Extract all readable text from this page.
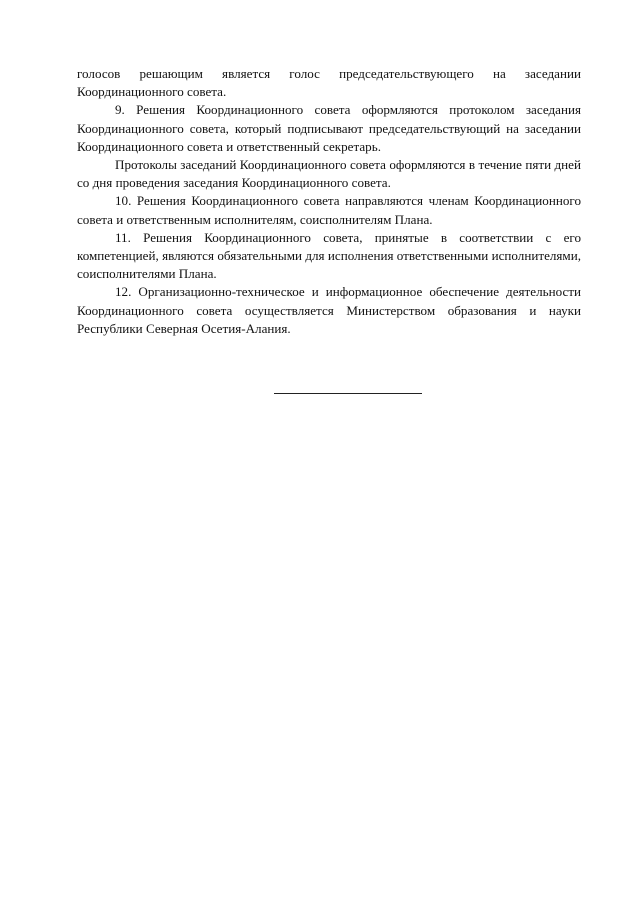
голосов решающим является голос председательствующего на заседании Координационного совета.

9. Решения Координационного совета оформляются протоколом заседания Координационного совета, который подписывают председательствующий на заседании Координационного совета и ответственный секретарь.

Протоколы заседаний Координационного совета оформляются в течение пяти дней со дня проведения заседания Координационного совета.

10. Решения Координационного совета направляются членам Координационного совета и ответственным исполнителям, соисполнителям Плана.

11. Решения Координационного совета, принятые в соответствии с его компетенцией, являются обязательными для исполнения ответственными исполнителями, соисполнителями Плана.

12. Организационно-техническое и информационное обеспечение деятельности Координационного совета осуществляется Министерством образования и науки Республики Северная Осетия-Алания.
